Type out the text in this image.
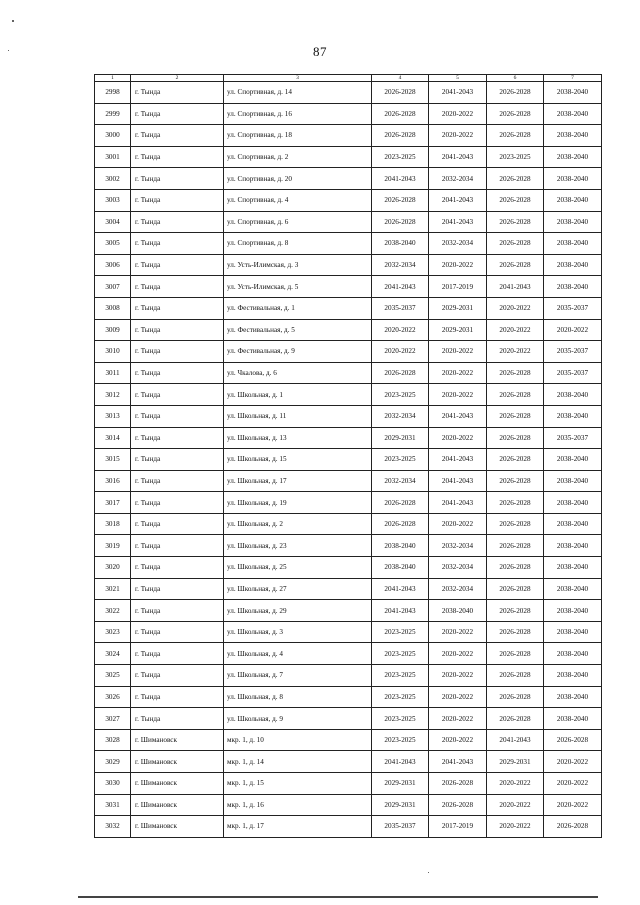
87
1	2	3	4	5	6	7
2998	г. Тында	ул. Спортивная, д. 14	2026-2028	2041-2043	2026-2028	2038-2040
2999	г. Тында	ул. Спортивная, д. 16	2026-2028	2020-2022	2026-2028	2038-2040
3000	г. Тында	ул. Спортивная, д. 18	2026-2028	2020-2022	2026-2028	2038-2040
3001	г. Тында	ул. Спортивная, д. 2	2023-2025	2041-2043	2023-2025	2038-2040
3002	г. Тында	ул. Спортивная, д. 20	2041-2043	2032-2034	2026-2028	2038-2040
3003	г. Тында	ул. Спортивная, д. 4	2026-2028	2041-2043	2026-2028	2038-2040
3004	г. Тында	ул. Спортивная, д. 6	2026-2028	2041-2043	2026-2028	2038-2040
3005	г. Тында	ул. Спортивная, д. 8	2038-2040	2032-2034	2026-2028	2038-2040
3006	г. Тында	ул. Усть-Илимская, д. 3	2032-2034	2020-2022	2026-2028	2038-2040
3007	г. Тында	ул. Усть-Илимская, д. 5	2041-2043	2017-2019	2041-2043	2038-2040
3008	г. Тында	ул. Фестивальная, д. 1	2035-2037	2029-2031	2020-2022	2035-2037
3009	г. Тында	ул. Фестивальная, д. 5	2020-2022	2029-2031	2020-2022	2020-2022
3010	г. Тында	ул. Фестивальная, д. 9	2020-2022	2020-2022	2020-2022	2035-2037
3011	г. Тында	ул. Чкалова, д. 6	2026-2028	2020-2022	2026-2028	2035-2037
3012	г. Тында	ул. Школьная, д. 1	2023-2025	2020-2022	2026-2028	2038-2040
3013	г. Тында	ул. Школьная, д. 11	2032-2034	2041-2043	2026-2028	2038-2040
3014	г. Тында	ул. Школьная, д. 13	2029-2031	2020-2022	2026-2028	2035-2037
3015	г. Тында	ул. Школьная, д. 15	2023-2025	2041-2043	2026-2028	2038-2040
3016	г. Тында	ул. Школьная, д. 17	2032-2034	2041-2043	2026-2028	2038-2040
3017	г. Тында	ул. Школьная, д. 19	2026-2028	2041-2043	2026-2028	2038-2040
3018	г. Тында	ул. Школьная, д. 2	2026-2028	2020-2022	2026-2028	2038-2040
3019	г. Тында	ул. Школьная, д. 23	2038-2040	2032-2034	2026-2028	2038-2040
3020	г. Тында	ул. Школьная, д. 25	2038-2040	2032-2034	2026-2028	2038-2040
3021	г. Тында	ул. Школьная, д. 27	2041-2043	2032-2034	2026-2028	2038-2040
3022	г. Тында	ул. Школьная, д. 29	2041-2043	2038-2040	2026-2028	2038-2040
3023	г. Тында	ул. Школьная, д. 3	2023-2025	2020-2022	2026-2028	2038-2040
3024	г. Тында	ул. Школьная, д. 4	2023-2025	2020-2022	2026-2028	2038-2040
3025	г. Тында	ул. Школьная, д. 7	2023-2025	2020-2022	2026-2028	2038-2040
3026	г. Тында	ул. Школьная, д. 8	2023-2025	2020-2022	2026-2028	2038-2040
3027	г. Тында	ул. Школьная, д. 9	2023-2025	2020-2022	2026-2028	2038-2040
3028	г. Шимановск	мкр. 1, д. 10	2023-2025	2020-2022	2041-2043	2026-2028
3029	г. Шимановск	мкр. 1, д. 14	2041-2043	2041-2043	2029-2031	2020-2022
3030	г. Шимановск	мкр. 1, д. 15	2029-2031	2026-2028	2020-2022	2020-2022
3031	г. Шимановск	мкр. 1, д. 16	2029-2031	2026-2028	2020-2022	2020-2022
3032	г. Шимановск	мкр. 1, д. 17	2035-2037	2017-2019	2020-2022	2026-2028
